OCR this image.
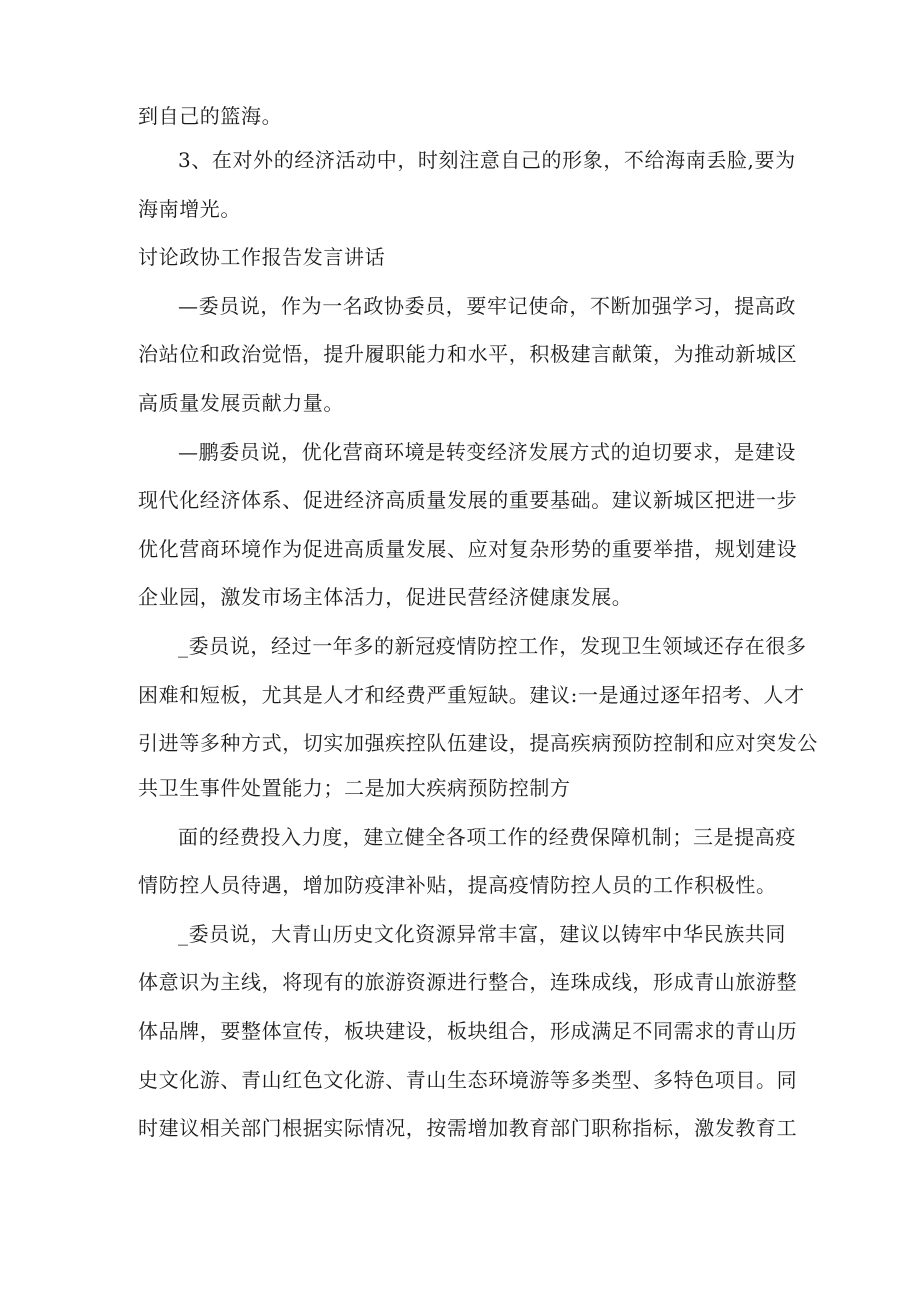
到自己的篮海。
3、在对外的经济活动中，时刻注意自己的形象，不给海南丢脸,要为
海南增光。
讨论政协工作报告发言讲话
—委员说，作为一名政协委员，要牢记使命，不断加强学习，提高政
治站位和政治觉悟，提升履职能力和水平，积极建言献策，为推动新城区
高质量发展贡献力量。
—鹏委员说，优化营商环境是转变经济发展方式的迫切要求，是建设
现代化经济体系、促进经济高质量发展的重要基础。建议新城区把进一步
优化营商环境作为促进高质量发展、应对复杂形势的重要举措，规划建设
企业园，激发市场主体活力，促进民营经济健康发展。
_委员说，经过一年多的新冠疫情防控工作，发现卫生领域还存在很多
困难和短板，尤其是人才和经费严重短缺。建议:一是通过逐年招考、人才
引进等多种方式，切实加强疾控队伍建设，提高疾病预防控制和应对突发公
共卫生事件处置能力；二是加大疾病预防控制方
面的经费投入力度，建立健全各项工作的经费保障机制；三是提高疫
情防控人员待遇，增加防疫津补贴，提高疫情防控人员的工作积极性。
_委员说，大青山历史文化资源异常丰富，建议以铸牢中华民族共同
体意识为主线，将现有的旅游资源进行整合，连珠成线，形成青山旅游整
体品牌，要整体宣传，板块建设，板块组合，形成满足不同需求的青山历
史文化游、青山红色文化游、青山生态环境游等多类型、多特色项目。同
时建议相关部门根据实际情况，按需增加教育部门职称指标，激发教育工
